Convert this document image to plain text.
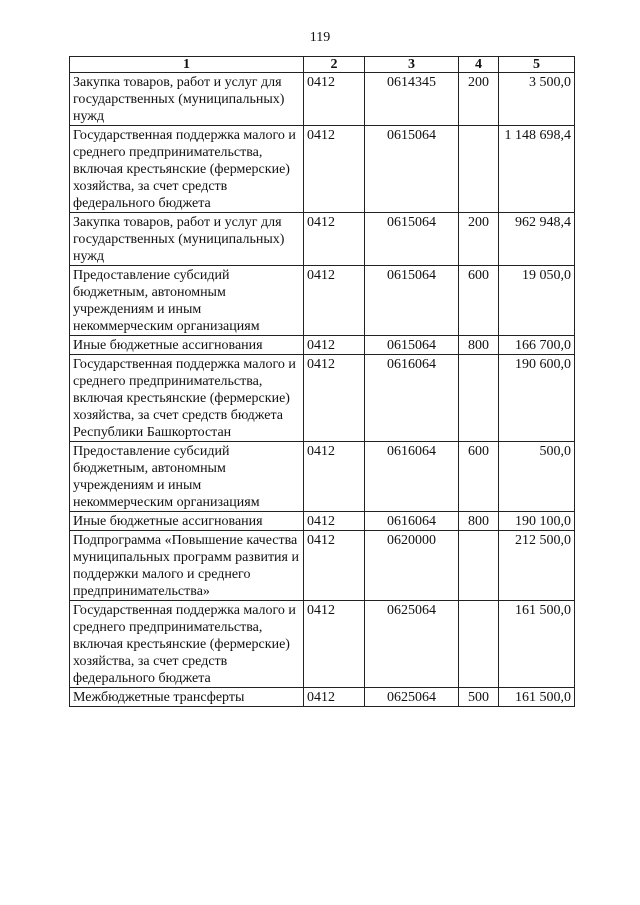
119
1	2	3	4	5
Закупка товаров, работ и услуг для государственных (муниципальных) нужд	0412	0614345	200	3 500,0
Государственная поддержка малого и среднего предпринимательства, включая крестьянские (фермерские) хозяйства, за счет средств федерального бюджета	0412	0615064		1 148 698,4
Закупка товаров, работ и услуг для государственных (муниципальных) нужд	0412	0615064	200	962 948,4
Предоставление субсидий бюджетным, автономным учреждениям и иным некоммерческим организациям	0412	0615064	600	19 050,0
Иные бюджетные ассигнования	0412	0615064	800	166 700,0
Государственная поддержка малого и среднего предпринимательства, включая крестьянские (фермерские) хозяйства, за счет средств бюджета Республики Башкортостан	0412	0616064		190 600,0
Предоставление субсидий бюджетным, автономным учреждениям и иным некоммерческим организациям	0412	0616064	600	500,0
Иные бюджетные ассигнования	0412	0616064	800	190 100,0
Подпрограмма «Повышение качества муниципальных программ развития и поддержки малого и среднего предпринимательства»	0412	0620000		212 500,0
Государственная поддержка малого и среднего предпринимательства, включая крестьянские (фермерские) хозяйства, за счет средств федерального бюджета	0412	0625064		161 500,0
Межбюджетные трансферты	0412	0625064	500	161 500,0
